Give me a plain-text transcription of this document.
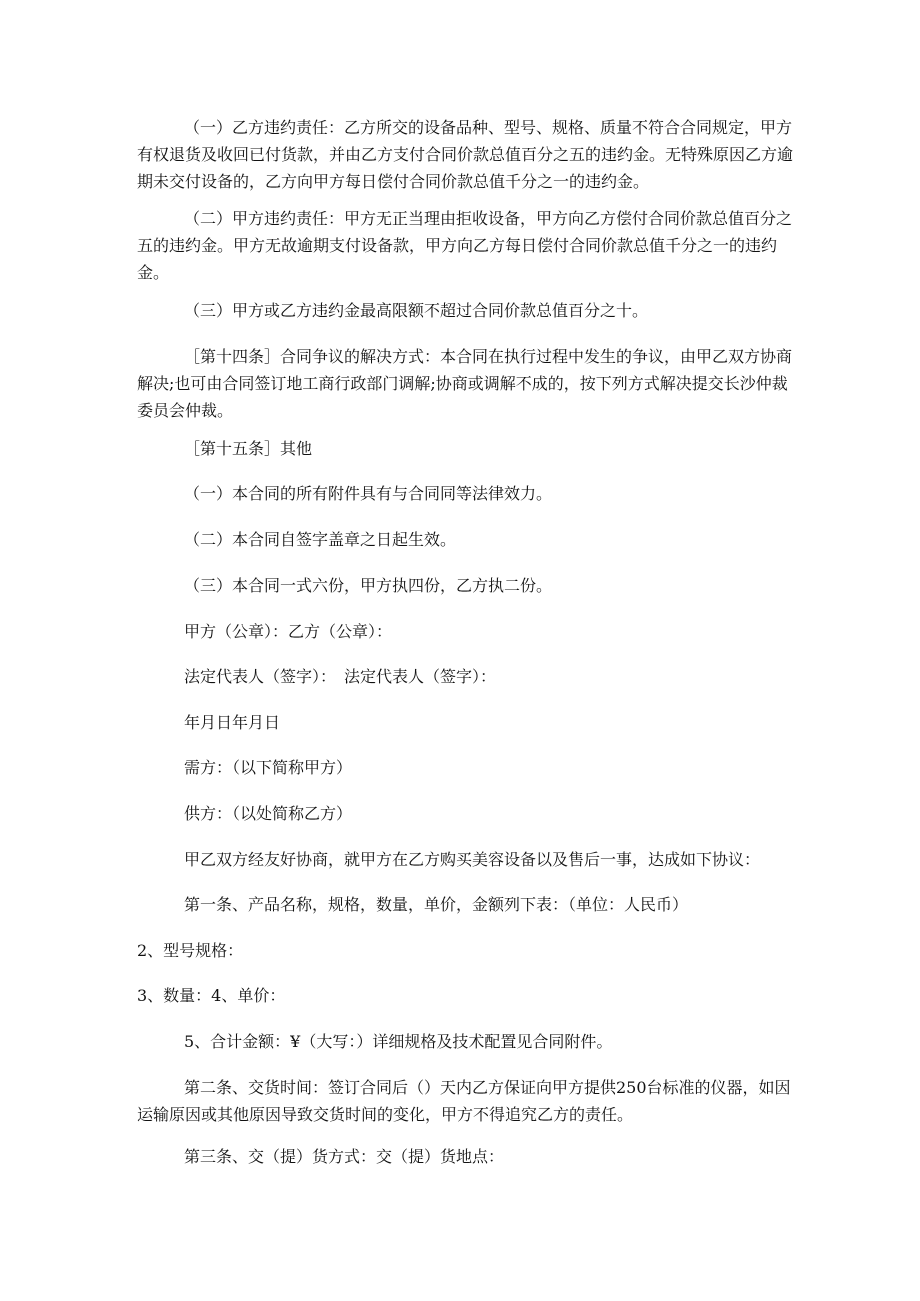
（一）乙方违约责任：乙方所交的设备品种、型号、规格、质量不符合合同规定，甲方有权退货及收回已付货款，并由乙方支付合同价款总值百分之五的违约金。无特殊原因乙方逾期未交付设备的，乙方向甲方每日偿付合同价款总值千分之一的违约金。

（二）甲方违约责任：甲方无正当理由拒收设备，甲方向乙方偿付合同价款总值百分之五的违约金。甲方无故逾期支付设备款，甲方向乙方每日偿付合同价款总值千分之一的违约金。

（三）甲方或乙方违约金最高限额不超过合同价款总值百分之十。

［第十四条］合同争议的解决方式：本合同在执行过程中发生的争议，由甲乙双方协商解决;也可由合同签订地工商行政部门调解;协商或调解不成的，按下列方式解决提交长沙仲裁委员会仲裁。

［第十五条］其他

（一）本合同的所有附件具有与合同同等法律效力。

（二）本合同自签字盖章之日起生效。

（三）本合同一式六份，甲方执四份，乙方执二份。

甲方（公章）：乙方（公章）：

法定代表人（签字）：　法定代表人（签字）：

年月日年月日

需方：（以下简称甲方）

供方：（以处简称乙方）

甲乙双方经友好协商，就甲方在乙方购买美容设备以及售后一事，达成如下协议：

第一条、产品名称，规格，数量，单价，金额列下表：（单位：人民币）

2、型号规格：

3、数量：4、单价：

5、合计金额：¥（大写：）详细规格及技术配置见合同附件。

第二条、交货时间：签订合同后（）天内乙方保证向甲方提供250台标准的仪器，如因运输原因或其他原因导致交货时间的变化，甲方不得追究乙方的责任。

第三条、交（提）货方式：交（提）货地点：
